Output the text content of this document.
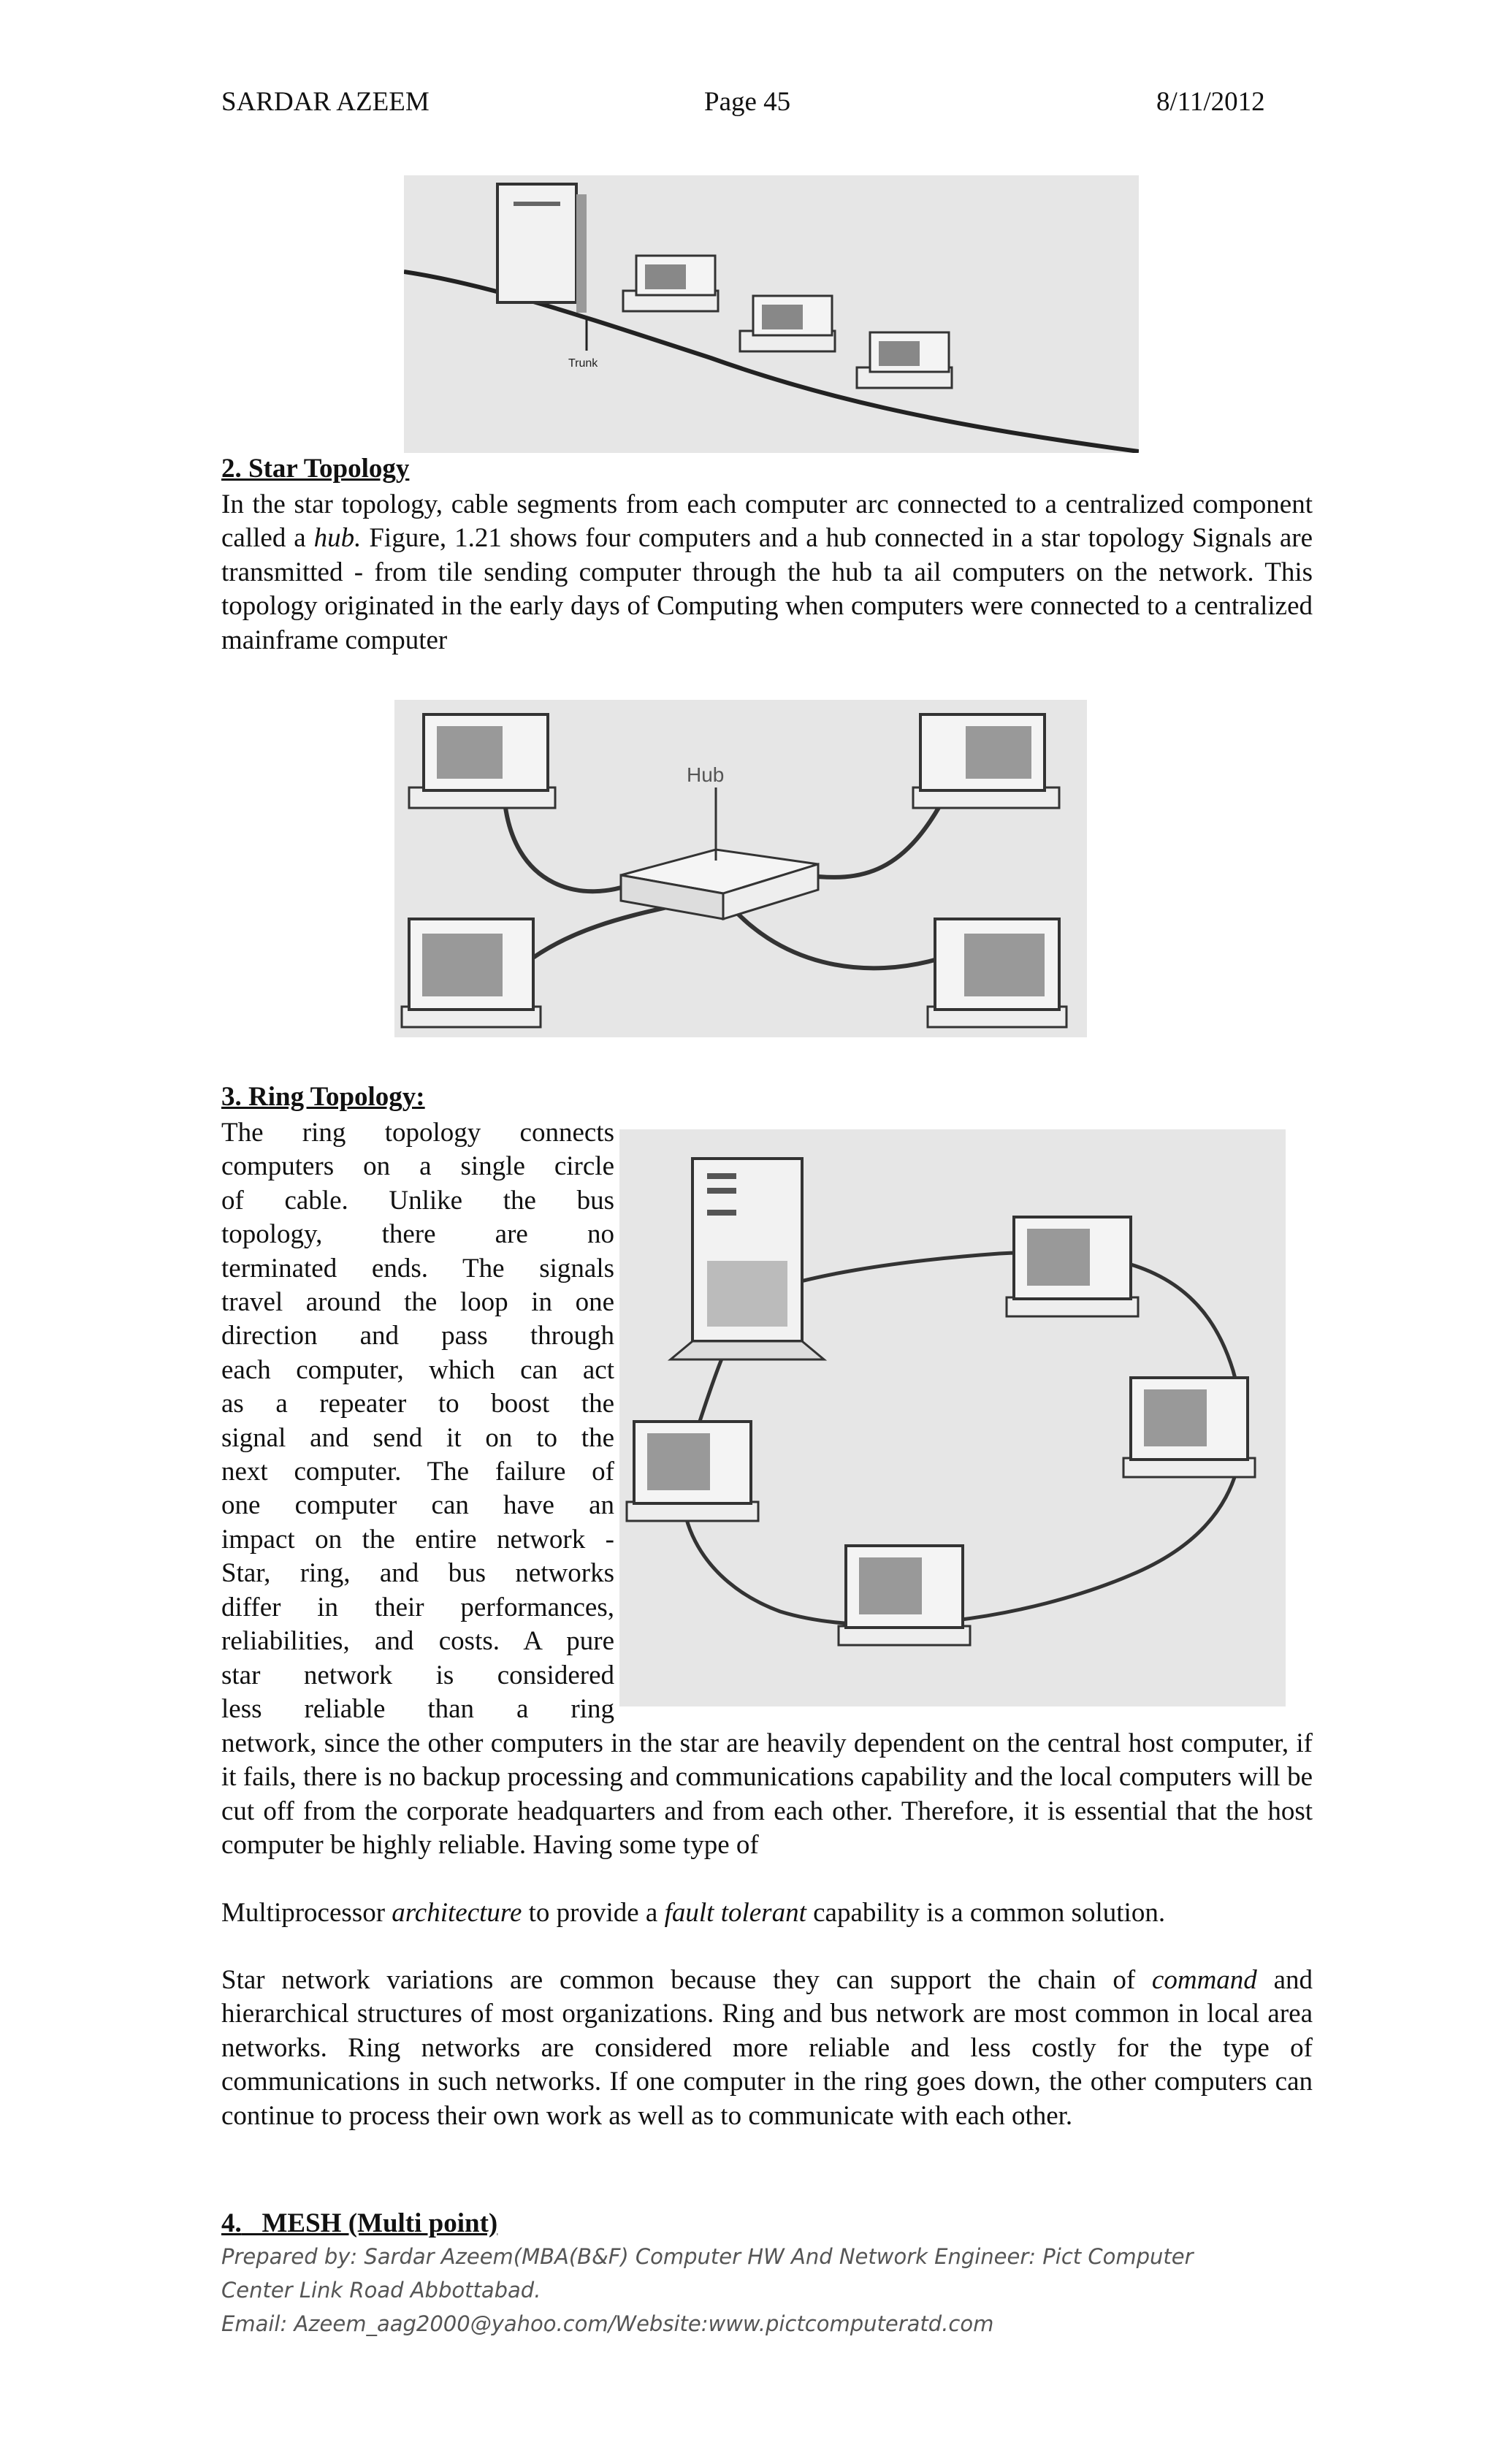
SARDAR AZEEM	Page 45	8/11/2012
Trunk
2. Star Topology
In the star topology, cable segments from each computer arc connected to a centralized component called a hub. Figure, 1.21 shows four computers and a hub connected in a star topology Signals are transmitted - from tile sending computer through the hub ta ail computers on the network. This topology originated in the early days of Computing when computers were connected to a centralized mainframe computer
Hub
3. Ring Topology:
The ring topology connects
computers on a single circle
of cable. Unlike the bus
topology, there are no
terminated ends. The signals
travel around the loop in one
direction and pass through
each computer, which can act
as a repeater to boost the
signal and send it on to the
next computer. The failure of
one computer can have an
impact on the entire network -
Star, ring, and bus networks
differ in their performances,
reliabilities, and costs. A pure
star network is considered
less reliable than a ring
network, since the other computers in the star are heavily dependent on the central host computer, if it fails, there is no backup processing and communications capability and the local computers will be cut off from the corporate headquarters and from each other. Therefore, it is essential that the host computer be highly reliable. Having some type of
Multiprocessor architecture to provide a fault tolerant capability is a common solution.
Star network variations are common because they can support the chain of command and hierarchical structures of most organizations. Ring and bus network are most common in local area networks. Ring networks are considered more reliable and less costly for the type of communications in such networks. If one computer in the ring goes down, the other computers can continue to process their own work as well as to communicate with each other.
4. MESH (Multi point)
Prepared by: Sardar Azeem(MBA(B&F) Computer HW And Network Engineer: Pict Computer
Center Link Road Abbottabad.
Email: Azeem_aag2000@yahoo.com/Website:www.pictcomputeratd.com
